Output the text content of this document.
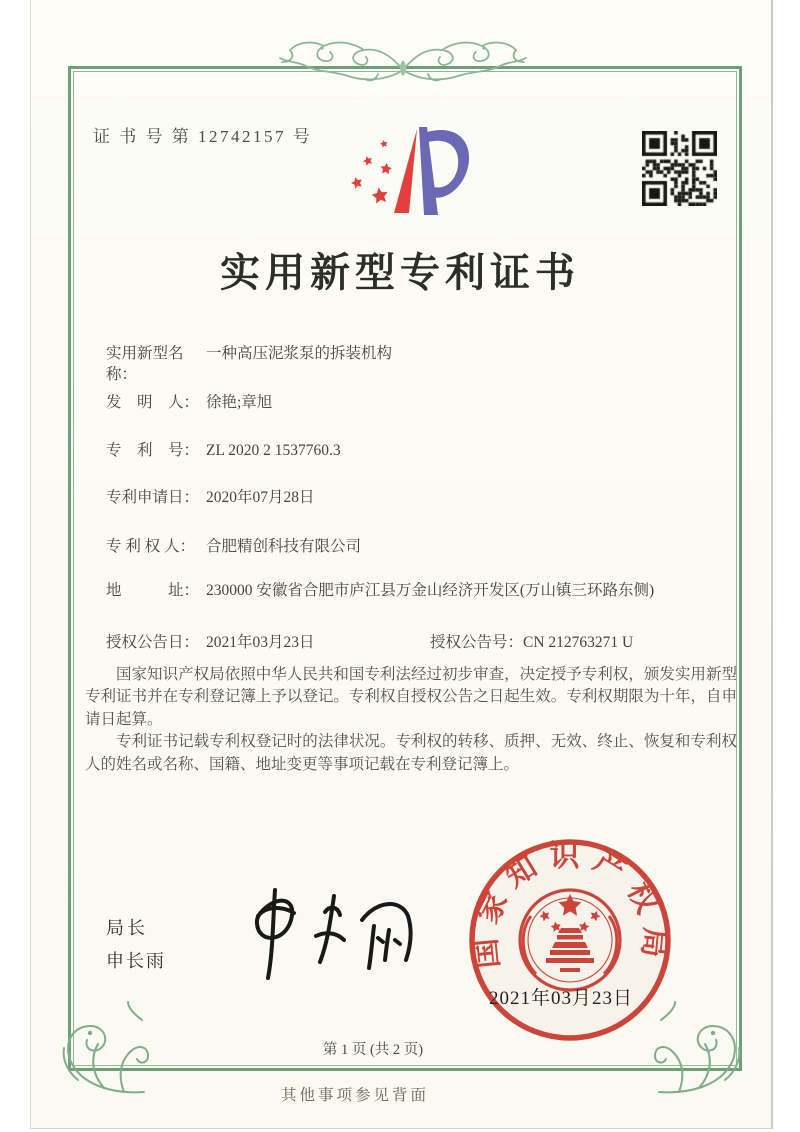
证 书 号 第 12742157 号
实用新型专利证书
实用新型名称：一种高压泥浆泵的拆装机构
发　明　人： 徐艳;章旭
专　利　号： ZL 2020 2 1537760.3
专利申请日： 2020年07月28日
专 利 权 人： 合肥精创科技有限公司
地　　　址： 230000 安徽省合肥市庐江县万金山经济开发区(万山镇三环路东侧)
授权公告日： 2021年03月23日	授权公告号：CN 212763271 U

国家知识产权局依照中华人民共和国专利法经过初步审查，决定授予专利权，颁发实用新型专利证书并在专利登记簿上予以登记。专利权自授权公告之日起生效。专利权期限为十年，自申请日起算。

专利证书记载专利权登记时的法律状况。专利权的转移、质押、无效、终止、恢复和专利权人的姓名或名称、国籍、地址变更等事项记载在专利登记簿上。

局长
申长雨	国家知识产权局
2021年03月23日
第 1 页 (共 2 页)
其他事项参见背面
